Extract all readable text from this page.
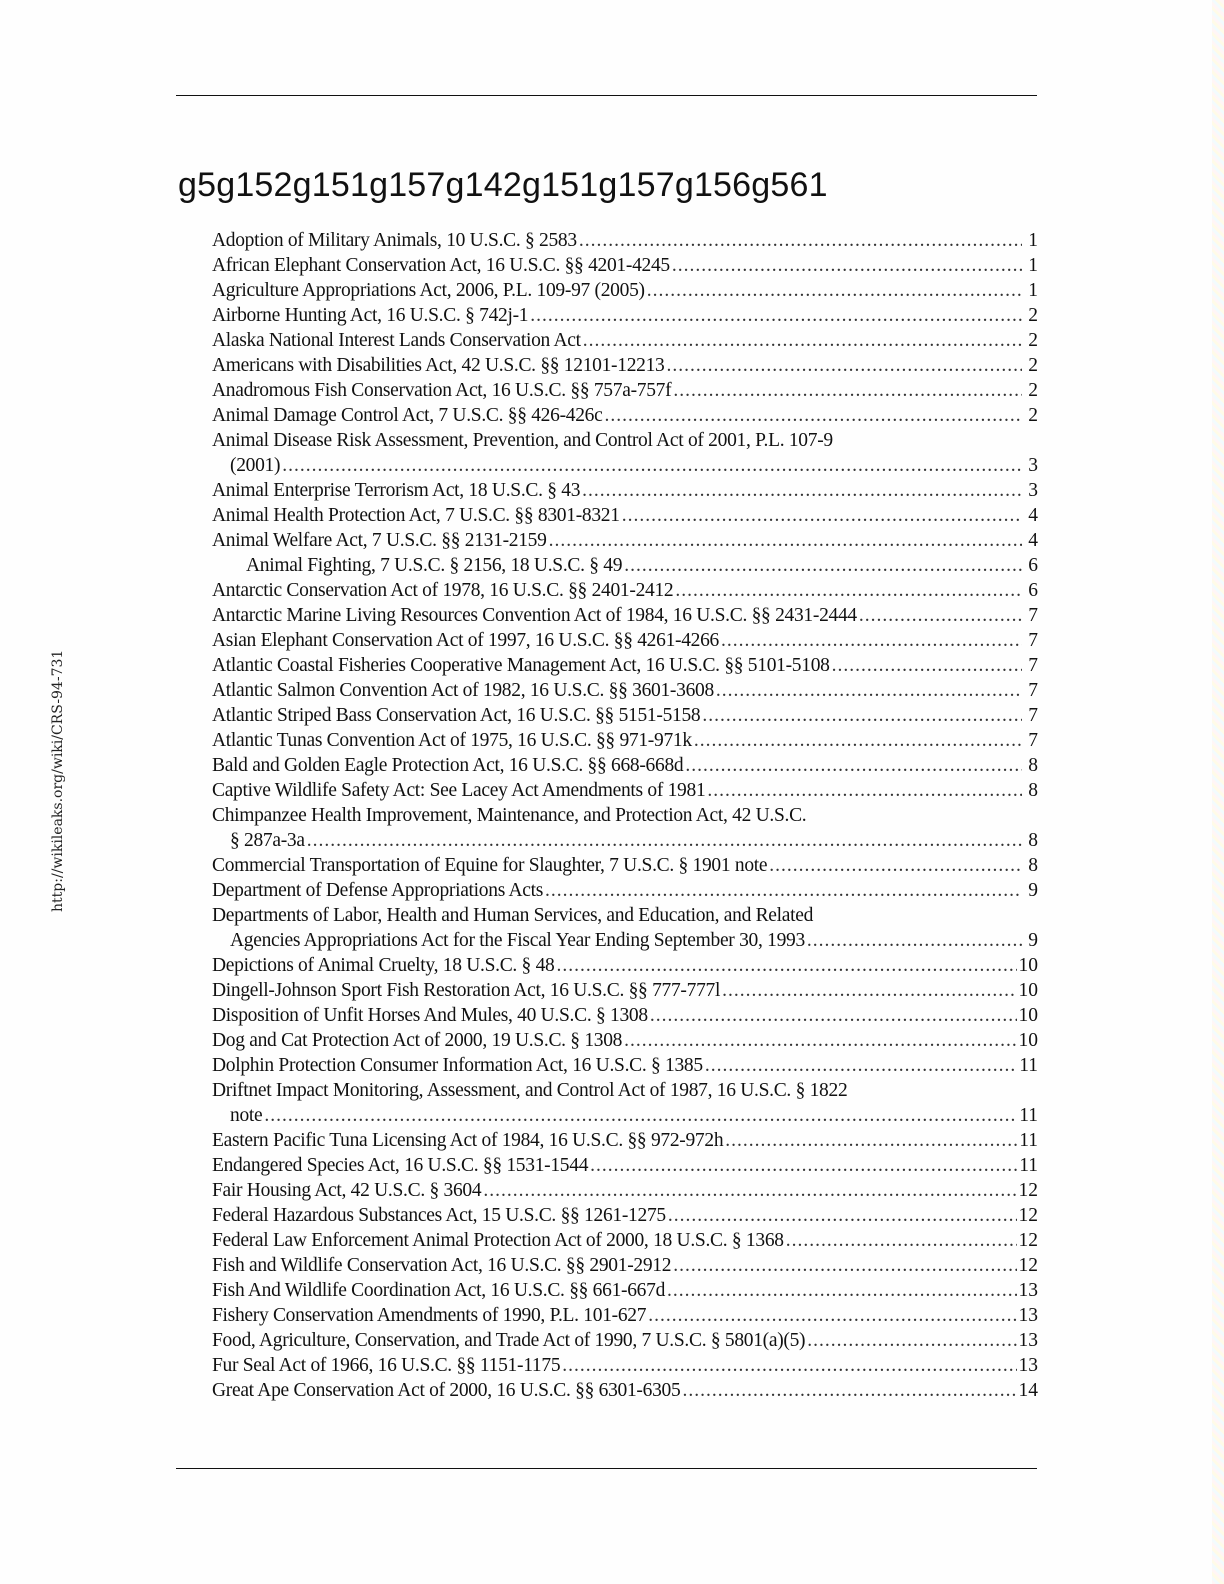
http://wikileaks.org/wiki/CRS-94-731
g5g152g151g157g142g151g157g156g561
Adoption of Military Animals, 10 U.S.C. § 2583 .....	1
African Elephant Conservation Act, 16 U.S.C. §§ 4201-4245 .....	1
Agriculture Appropriations Act, 2006, P.L. 109-97 (2005) .....	1
Airborne Hunting Act, 16 U.S.C. § 742j-1 .....	2
Alaska National Interest Lands Conservation Act .....	2
Americans with Disabilities Act, 42 U.S.C. §§ 12101-12213 .....	2
Anadromous Fish Conservation Act, 16 U.S.C. §§ 757a-757f .....	2
Animal Damage Control Act, 7 U.S.C. §§ 426-426c .....	2
Animal Disease Risk Assessment, Prevention, and Control Act of 2001, P.L. 107-9
(2001) .....	3
Animal Enterprise Terrorism Act, 18 U.S.C. § 43 .....	3
Animal Health Protection Act, 7 U.S.C. §§ 8301-8321 .....	4
Animal Welfare Act, 7 U.S.C. §§ 2131-2159 .....	4
Animal Fighting, 7 U.S.C. § 2156, 18 U.S.C. § 49 .....	6
Antarctic Conservation Act of 1978, 16 U.S.C. §§ 2401-2412 .....	6
Antarctic Marine Living Resources Convention Act of 1984, 16 U.S.C. §§ 2431-2444 .....	7
Asian Elephant Conservation Act of 1997, 16 U.S.C. §§ 4261-4266 .....	7
Atlantic Coastal Fisheries Cooperative Management Act, 16 U.S.C. §§ 5101-5108 .....	7
Atlantic Salmon Convention Act of 1982, 16 U.S.C. §§ 3601-3608 .....	7
Atlantic Striped Bass Conservation Act, 16 U.S.C. §§ 5151-5158 .....	7
Atlantic Tunas Convention Act of 1975, 16 U.S.C. §§ 971-971k .....	7
Bald and Golden Eagle Protection Act, 16 U.S.C. §§ 668-668d .....	8
Captive Wildlife Safety Act: See Lacey Act Amendments of 1981 .....	8
Chimpanzee Health Improvement, Maintenance, and Protection Act, 42 U.S.C.
§ 287a-3a .....	8
Commercial Transportation of Equine for Slaughter, 7 U.S.C. § 1901 note .....	8
Department of Defense Appropriations Acts .....	9
Departments of Labor, Health and Human Services, and Education, and Related
Agencies Appropriations Act for the Fiscal Year Ending September 30, 1993 .....	9
Depictions of Animal Cruelty, 18 U.S.C. § 48 .....	10
Dingell-Johnson Sport Fish Restoration Act, 16 U.S.C. §§ 777-777l .....	10
Disposition of Unfit Horses And Mules, 40 U.S.C. § 1308 .....	10
Dog and Cat Protection Act of 2000, 19 U.S.C. § 1308 .....	10
Dolphin Protection Consumer Information Act, 16 U.S.C. § 1385 .....	11
Driftnet Impact Monitoring, Assessment, and Control Act of 1987, 16 U.S.C. § 1822
note .....	11
Eastern Pacific Tuna Licensing Act of 1984, 16 U.S.C. §§ 972-972h .....	11
Endangered Species Act, 16 U.S.C. §§ 1531-1544 .....	11
Fair Housing Act, 42 U.S.C. § 3604 .....	12
Federal Hazardous Substances Act, 15 U.S.C. §§ 1261-1275 .....	12
Federal Law Enforcement Animal Protection Act of 2000, 18 U.S.C. § 1368 .....	12
Fish and Wildlife Conservation Act, 16 U.S.C. §§ 2901-2912 .....	12
Fish And Wildlife Coordination Act, 16 U.S.C. §§ 661-667d .....	13
Fishery Conservation Amendments of 1990, P.L. 101-627 .....	13
Food, Agriculture, Conservation, and Trade Act of 1990, 7 U.S.C. § 5801(a)(5) .....	13
Fur Seal Act of 1966, 16 U.S.C. §§ 1151-1175 .....	13
Great Ape Conservation Act of 2000, 16 U.S.C. §§ 6301-6305 .....	14
